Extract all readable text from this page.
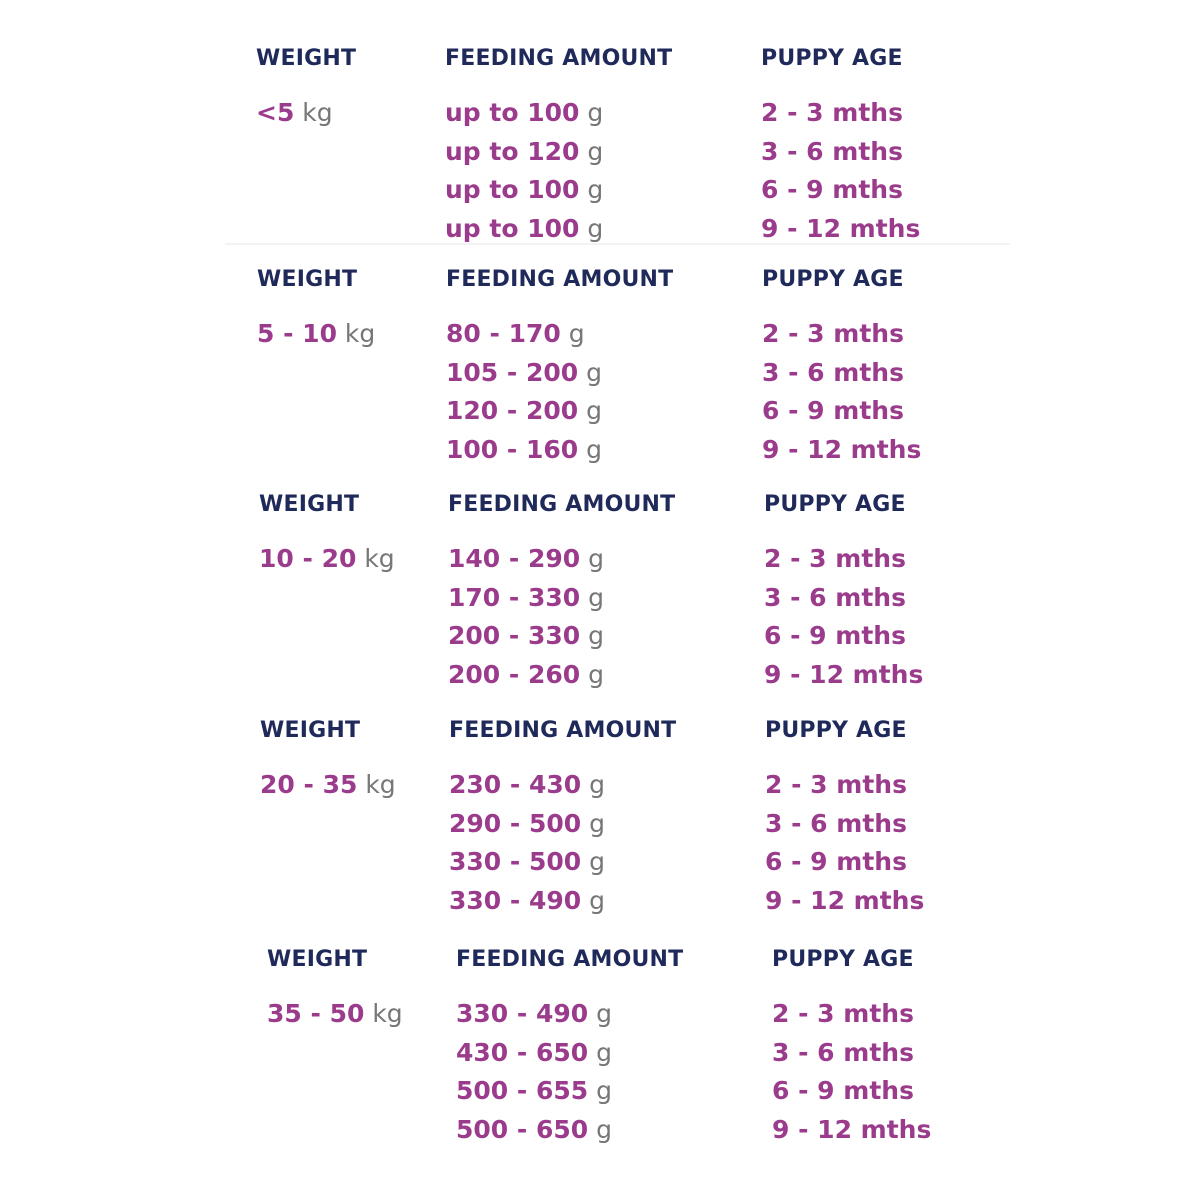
WEIGHT
<5 kg
FEEDING AMOUNT
up to 100 g
up to 120 g
up to 100 g
up to 100 g
PUPPY AGE
2 - 3 mths
3 - 6 mths
6 - 9 mths
9 - 12 mths
WEIGHT
5 - 10 kg
FEEDING AMOUNT
80 - 170 g
105 - 200 g
120 - 200 g
100 - 160 g
PUPPY AGE
2 - 3 mths
3 - 6 mths
6 - 9 mths
9 - 12 mths
WEIGHT
10 - 20 kg
FEEDING AMOUNT
140 - 290 g
170 - 330 g
200 - 330 g
200 - 260 g
PUPPY AGE
2 - 3 mths
3 - 6 mths
6 - 9 mths
9 - 12 mths
WEIGHT
20 - 35 kg
FEEDING AMOUNT
230 - 430 g
290 - 500 g
330 - 500 g
330 - 490 g
PUPPY AGE
2 - 3 mths
3 - 6 mths
6 - 9 mths
9 - 12 mths
WEIGHT
35 - 50 kg
FEEDING AMOUNT
330 - 490 g
430 - 650 g
500 - 655 g
500 - 650 g
PUPPY AGE
2 - 3 mths
3 - 6 mths
6 - 9 mths
9 - 12 mths
